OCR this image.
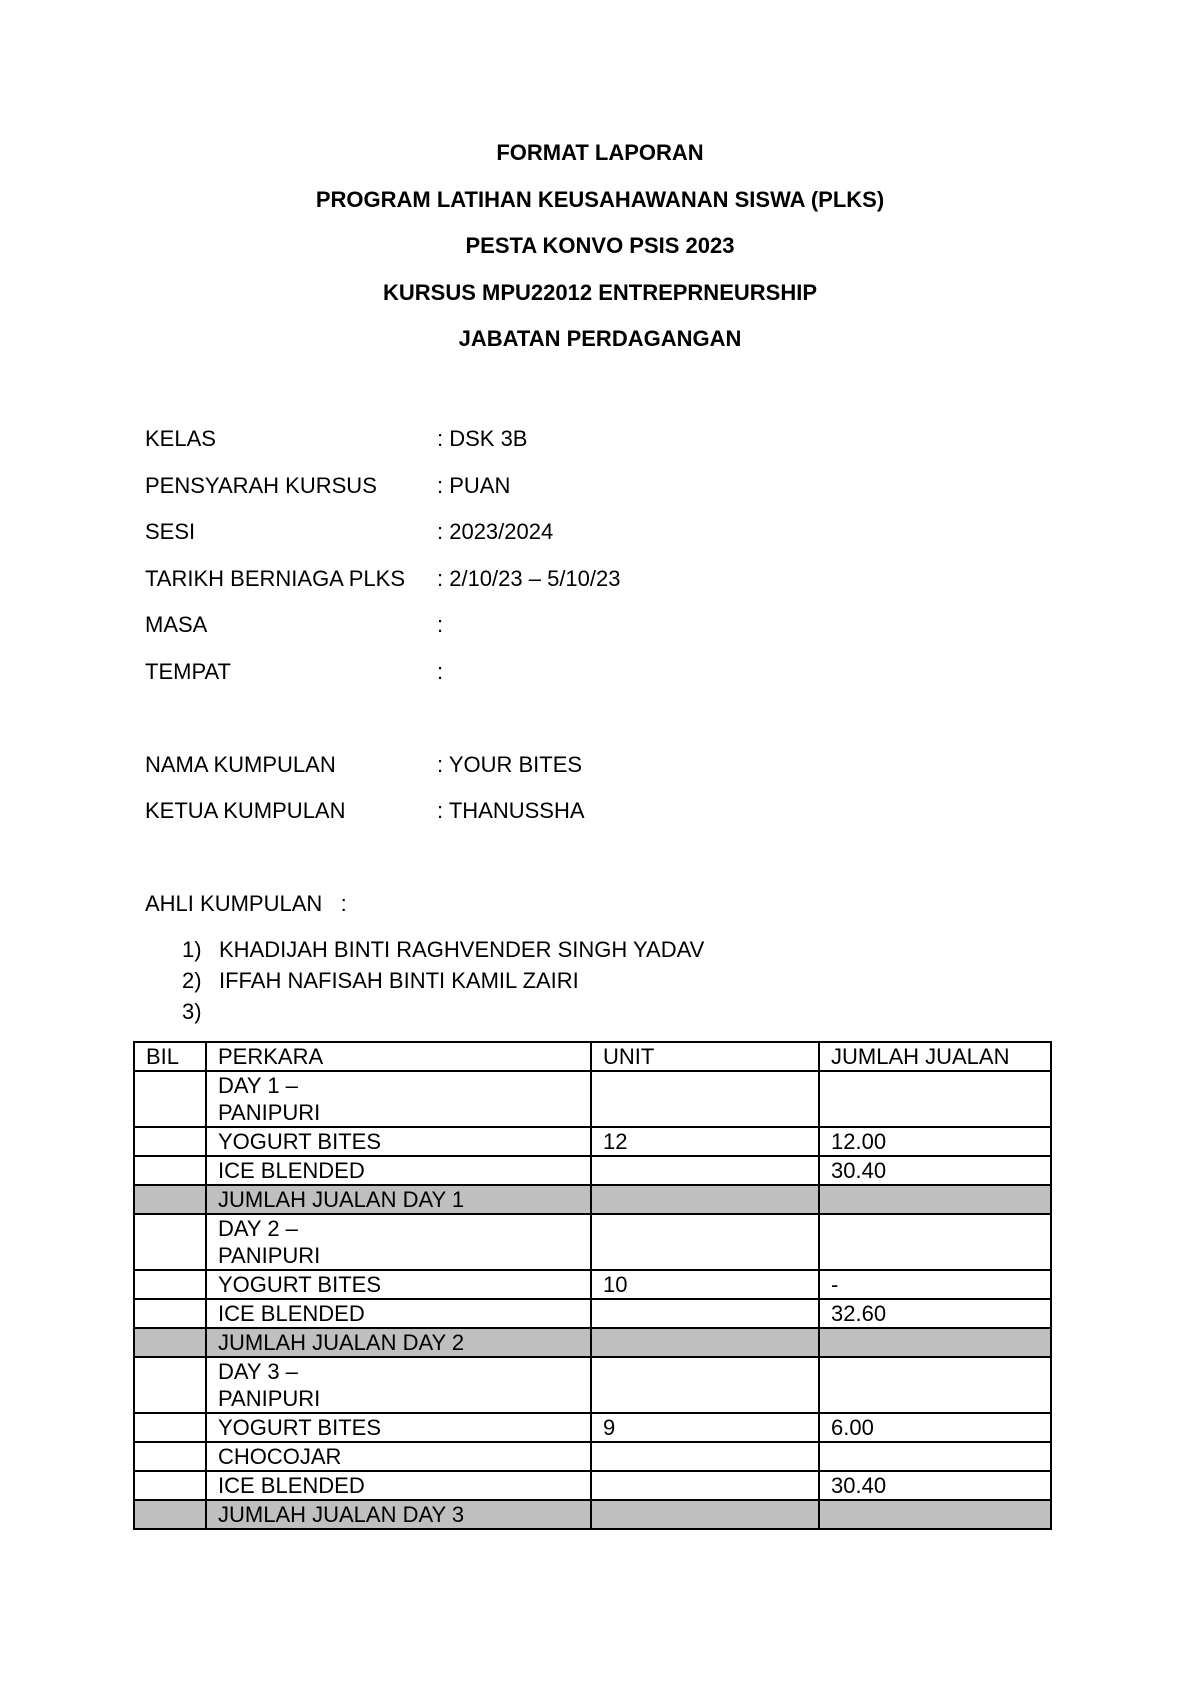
FORMAT LAPORAN
PROGRAM LATIHAN KEUSAHAWANAN SISWA (PLKS)
PESTA KONVO PSIS 2023
KURSUS MPU22012 ENTREPRNEURSHIP
JABATAN PERDAGANGAN
KELAS	: DSK 3B
PENSYARAH KURSUS	: PUAN
SESI	: 2023/2024
TARIKH BERNIAGA PLKS : 2/10/23 – 5/10/23
MASA	:
TEMPAT	:
NAMA KUMPULAN	: YOUR BITES
KETUA KUMPULAN	: THANUSSHA
AHLI KUMPULAN   :
1) KHADIJAH BINTI RAGHVENDER SINGH YADAV
2) IFFAH NAFISAH BINTI KAMIL ZAIRI
3)
BIL	PERKARA	UNIT	JUMLAH JUALAN
	DAY 1 –
PANIPURI		
	YOGURT BITES	12	12.00
	ICE BLENDED		30.40
	JUMLAH JUALAN DAY 1		
	DAY 2 –
PANIPURI		
	YOGURT BITES	10	-
	ICE BLENDED		32.60
	JUMLAH JUALAN DAY 2		
	DAY 3 –
PANIPURI		
	YOGURT BITES	9	6.00
	CHOCOJAR		
	ICE BLENDED		30.40
	JUMLAH JUALAN DAY 3		
